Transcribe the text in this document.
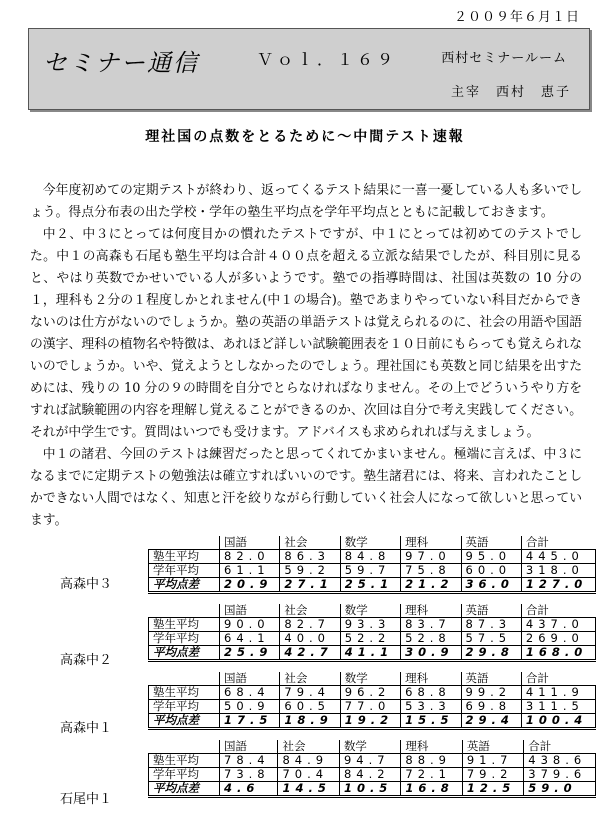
２００９年６月１日
セミナー通信	Ｖｏｌ．１６９	西村セミナールーム
主宰　西村　恵子
理社国の点数をとるために～中間テスト速報

今年度初めての定期テストが終わり、返ってくるテスト結果に一喜一憂している人も多いでしょう。得点分布表の出た学校・学年の塾生平均点を学年平均点とともに記載しておきます。

中２、中３にとっては何度目かの慣れたテストですが、中１にとっては初めてのテストでした。中１の高森も石尾も塾生平均は合計４００点を超える立派な結果でしたが、科目別に見ると、やはり英数でかせいでいる人が多いようです。塾での指導時間は、社国は英数の 10 分の１，理科も２分の１程度しかとれません(中１の場合)。塾であまりやっていない科目だからできないのは仕方がないのでしょうか。塾の英語の単語テストは覚えられるのに、社会の用語や国語の漢字、理科の植物名や特徴は、あれほど詳しい試験範囲表を１０日前にもらっても覚えられないのでしょうか。いや、覚えようとしなかったのでしょう。理社国にも英数と同じ結果を出すためには、残りの 10 分の９の時間を自分でとらなければなりません。その上でどういうやり方をすれば試験範囲の内容を理解し覚えることができるのか、次回は自分で考え実践してください。それが中学生です。質問はいつでも受けます。アドバイスも求められれば与えましょう。

中１の諸君、今回のテストは練習だったと思ってくれてかまいません。極端に言えば、中３になるまでに定期テストの勉強法は確立すればいいのです。塾生諸君には、将来、言われたことしかできない人間ではなく、知恵と汗を絞りながら行動していく社会人になって欲しいと思っています。

高森中３
	国語	社会	数学	理科	英語	合計
塾生平均	82.0	86.3	84.8	97.0	95.0	445.0
学年平均	61.1	59.2	59.7	75.8	60.0	318.0
平均点差	20.9	27.1	25.1	21.2	36.0	127.0
高森中２
	国語	社会	数学	理科	英語	合計
塾生平均	90.0	82.7	93.3	83.7	87.3	437.0
学年平均	64.1	40.0	52.2	52.8	57.5	269.0
平均点差	25.9	42.7	41.1	30.9	29.8	168.0
高森中１
	国語	社会	数学	理科	英語	合計
塾生平均	68.4	79.4	96.2	68.8	99.2	411.9
学年平均	50.9	60.5	77.0	53.3	69.8	311.5
平均点差	17.5	18.9	19.2	15.5	29.4	100.4
石尾中１
	国語	社会	数学	理科	英語	合計
塾生平均	78.4	84.9	94.7	88.9	91.7	438.6
学年平均	73.8	70.4	84.2	72.1	79.2	379.6
平均点差	4.6	14.5	10.5	16.8	12.5	59.0
